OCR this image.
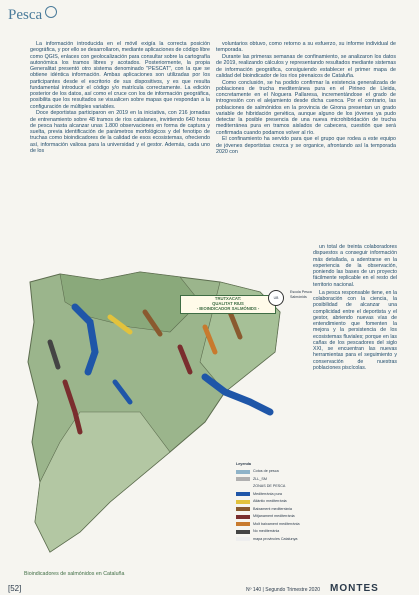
Pesca

La información introducida en el móvil exigía la correcta posición geográfica, y por ello se desarrollaron, mediante aplicaciones de código libre como QGIS, enlaces con geolocalización para consultar sobre la cartografía autonómica los tramos libres y acotados. Posteriormente, la propia Generalitat presentó otro sistema denominado "PESCAT", con la que se obtiene idéntica información. Ambas aplicaciones son utilizadas por los participantes desde el escritorio de sus dispositivos, y es que resulta fundamental introducir el código y/o matrícula correctamente. La edición posterior de los datos, así como el cruce con los de información geográfica, posibilita que los resultados se visualicen sobre mapas que respondan a la configuración de múltiples variables.

Doce deportistas participaron en 2019 en la iniciativa, con 216 jornadas de entrenamiento sobre 48 tramos de ríos catalanes, invirtiendo 640 horas de pesca hasta alcanzar unas 1.800 observaciones en forma de captura y suelta, previa identificación de parámetros morfológicos y del fenotipo de truchas como bioindicadores de la calidad de esos ecosistemas, ofreciendo así, información valiosa para la universidad y el gestor. Además, cada uno de los

voluntarios obtuvo, como retorno a su esfuerzo, su informe individual de temporada.

Durante las primeras semanas de confinamiento, se analizaron los datos de 2019, realizando cálculos y representando resultados mediante sistemas de información geográfica, consiguiendo establecer el primer mapa de calidad del bioindicador de los ríos pirenaicos de Cataluña.

Como conclusión, se ha podido confirmar la existencia generalizada de poblaciones de trucha mediterránea pura en el Pirineo de Lleida, concretamente en el Noguera Pallaresa, incrementándose el grado de introgresión con el alejamiento desde dicha cuenca. Por el contrario, las poblaciones de salmónidos en la provincia de Girona presentan un grado variable de hibridación genética, aunque alguno de los jóvenes ya pudo detectar la posible presencia de una nueva microhibridación de trucha mediterránea pura en tramos aislados de cabecera, cuestión que será confirmada cuando podamos volver al río.

El confinamiento ha servido para que el grupo que rodea a este equipo de jóvenes deportistas crezca y se organice, afrontando así la temporada 2020 con

un total de treinta colaboradores dispuestos a conseguir información más detallada, a adentrarse en la experiencia de la observación, poniendo las bases de un proyecto fácilmente replicable en el resto del territorio nacional.

La pesca responsable tiene, en la colaboración con la ciencia, la posibilidad de alcanzar una complicidad entre el deportista y el gestor, abriendo nuevas vías de entendimiento que fomenten la mejora y la persistencia de los ecosistemas fluviales; porque en las cañas de los pescadores del siglo XXI, se encuentran las nuevas herramientas para el seguimiento y conservación de nuestras poblaciones piscícolas.

TRUTXACAT:
QUALITAT RIUS
- BIOINDICADOR SALMÒNIDS -
UB
Escola Pesca Salmònids
Leyenda
Cotos de pesca
ZLL_SM
ZONAS DE PESCA
Mediterrània pura
Atlàntic mediterrània
Baixament mediterrània
Mitjanament mediterrània
Molt baixament mediterrània
No mediterrània
mapa provincies Catalunya
Bioindicadores de salmónidos en Cataluña
[52]	Nº 140 | Segundo Trimestre 2020 MONTES
